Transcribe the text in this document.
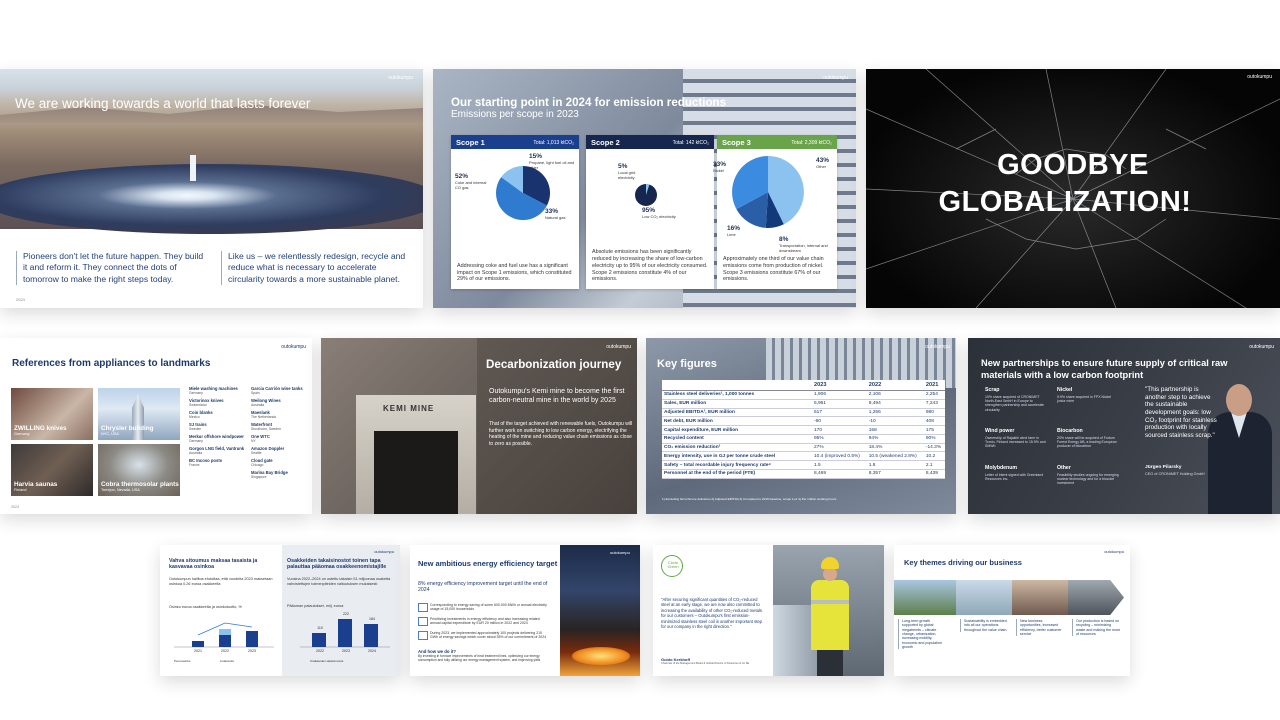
outokumpu
We are working towards a world that lasts forever
Pioneers don't let the future happen. They build it and reform it. They connect the dots of tomorrow to make the right steps today.
Like us – we relentlessly redesign, recycle and reduce what is necessary to accelerate circularity towards a more sustainable planet.
2024
outokumpu
Our starting point in 2024 for emission reductions
Emissions per scope in 2023
Scope 1	Total: 1,013 ktCO₂
15%
Propane, light fuel oil and other
52%
Coke and internal CO gas
33%
Natural gas
Addressing coke and fuel use has a significant impact on Scope 1 emissions, which constituted 29% of our emissions.
Scope 2	Total: 142 ktCO₂
5%
Local grid electricity
95%
Low CO₂ electricity
Absolute emissions has been significantly reduced by increasing the share of low-carbon electricity up to 95% of our electricity consumed. Scope 2 emissions constitute 4% of our emissions.
Scope 3	Total: 2,309 ktCO₂
33%
Nickel
43%
Other
16%
Lime
8%
Transportation, internal and downstream
Approximately one third of our value chain emissions come from production of nickel. Scope 3 emissions constitute 67% of our emissions.
outokumpu
GOODBYE
GLOBALIZATION!
outokumpu
References from appliances to landmarks
ZWILLING knives
Germany
Chrysler building
NYC, USA
Harvia saunas
Finland
Cobra thermosolar plants
Torrejon, Nevada, USA
Miele washing machines
Germany
Victorinox knives
Switzerland
Coin blanks
Mexico
SJ trains
Sweden
Merkur offshore windpower
Germany
Gorgon LNG field, Vantrunk
Australia
BC Incoso posts
France
Garcia Carrión wine tanks
Spain
Weilong Wines
Australia
Maeslank
The Netherlands
Waterfront
Stockholm, Sweden
One WTC
NY
Amazon Doppler
Seattle
Cloud gate
Chicago
Marina Bay Bridge
Singapore
2024
KEMI MINE
outokumpu
Decarbonization journey
Outokumpu's Kemi mine to become the first carbon-neutral mine in the world by 2025
That of the target achieved with renewable fuels, Outokumpu will further work on switching to low carbon energy, electrifying the heating of the mine and reducing value chain emissions as close to zero as possible.
outokumpu
Key figures
	2023	2022	2021
Stainless steel deliveries¹, 1,000 tonnes	1,906	2,106	2,254
Sales, EUR million	6,961	9,494	7,243
Adjusted EBITDA², EUR million	517	1,256	980
Net debt, EUR million	-60	-10	408
Capital expenditure, EUR million	170	158	175
Recycled content	95%	94%	90%
CO₂ emission reduction³	27%	18.4%	-14.3%
Energy intensity, use in GJ per tonne crude steel	10.4 (improved 0.5%)	10.5 (weakened 2.8%)	10.2
Safety – total recordable injury frequency rate⁴	1.5	1.8	2.1
Personnel at the end of the period (FTE)	8,469	8,357	8,439
1) Excluding ferrochrome deliveries 2) Adjusted EBITDA 3) Compared to 2016 baseline, scope 1+2 4) Per million working hours
outokumpu
New partnerships to ensure future supply of critical raw materials with a low carbon footprint
Scrap
10% share acquired of CRONIMET North-East GmbH in Europe to strengthen partnership and accelerate circularity
Nickel
9.9% share acquired in FPX Nickel junior mine
Wind power
Ownership of Rajakiiri wind farm in Tornio, Finland increased to 15.9% and SMWh
Biocarbon
20% share will be acquired of Fortum Forest Energy AB, a leading European producer of biocarbon
Molybdenum
Letter of intent signed with Greenland Resources Inc.
Other
Feasibility studies ongoing for emerging nuclear technology and for a biocoke investment
"This partnership is another step to achieve the sustainable development goals: low CO₂ footprint for stainless production with locally sourced stainless scrap."
Jürgen Pilarsky
CEO of CRONIMET Holding GmbH
outokumpu
Vahva sitoumus maksaa tasaista ja kasvavaa osinkoa
Osakkeiden takaisinostot toinen tapa palauttaa pääomaa osakkeenomistajille
Outokumpun hallitus ehdottaa, että vuodelta 2023 maksetaan osinkoa 0,26 euroa osakkeelta
Vuosina 2022–2024 on ostettu takaisin 51 miljoonaa osaketta vahvistettujen toimenpiteiden valtuutuksen mukaisesti
Osinko euroa osakkeelta ja osinkotuotto, %	Pääoman palautukset, milj. euroa
2021	2022	2023
110
222
184
2022	2023	2024
Perusosinko	Lisäosinko	Osakkeiden takaisinostot
New ambitious energy efficiency target
8% energy efficiency improvement target until the end of 2024
Corresponding to energy saving of some 600,000 MWh or annual electricity usage of 15,000 households
Prioritizing investments in energy efficiency and also increasing related annual capital expenditure by EUR 20 million in 2022 and 2024
During 2023, we implemented approximately 100 projects delivering 210 GWh of energy savings which cover about 35% of our commitment of 2024
And how we do it?
By investing in furnace improvements of heat treatment lines, optimizing our energy consumption and fully utilizing our energy management system, and improving yield
outokumpu
Circle Green
"After securing significant quantities of CO₂-reduced steel at an early stage, we are now also committed to increasing the availability of other CO₂-reduced metals for our customers – Outokumpu's first emission-minimized stainless steel coil is another important step for our company in the right direction."
Guido Kerkhoff
Chairman of the Management Board & Global Director of Kloeckner & Co SE
outokumpu
Key themes driving our business
Long-term growth supported by global megatrends – climate change, urbanization, increasing mobility, economic and population growth
Sustainability is embedded into all our operations throughout the value chain.
New business opportunities, increased efficiency, better customer service
Our production is based on recycling – minimizing waste and making the most of resources
